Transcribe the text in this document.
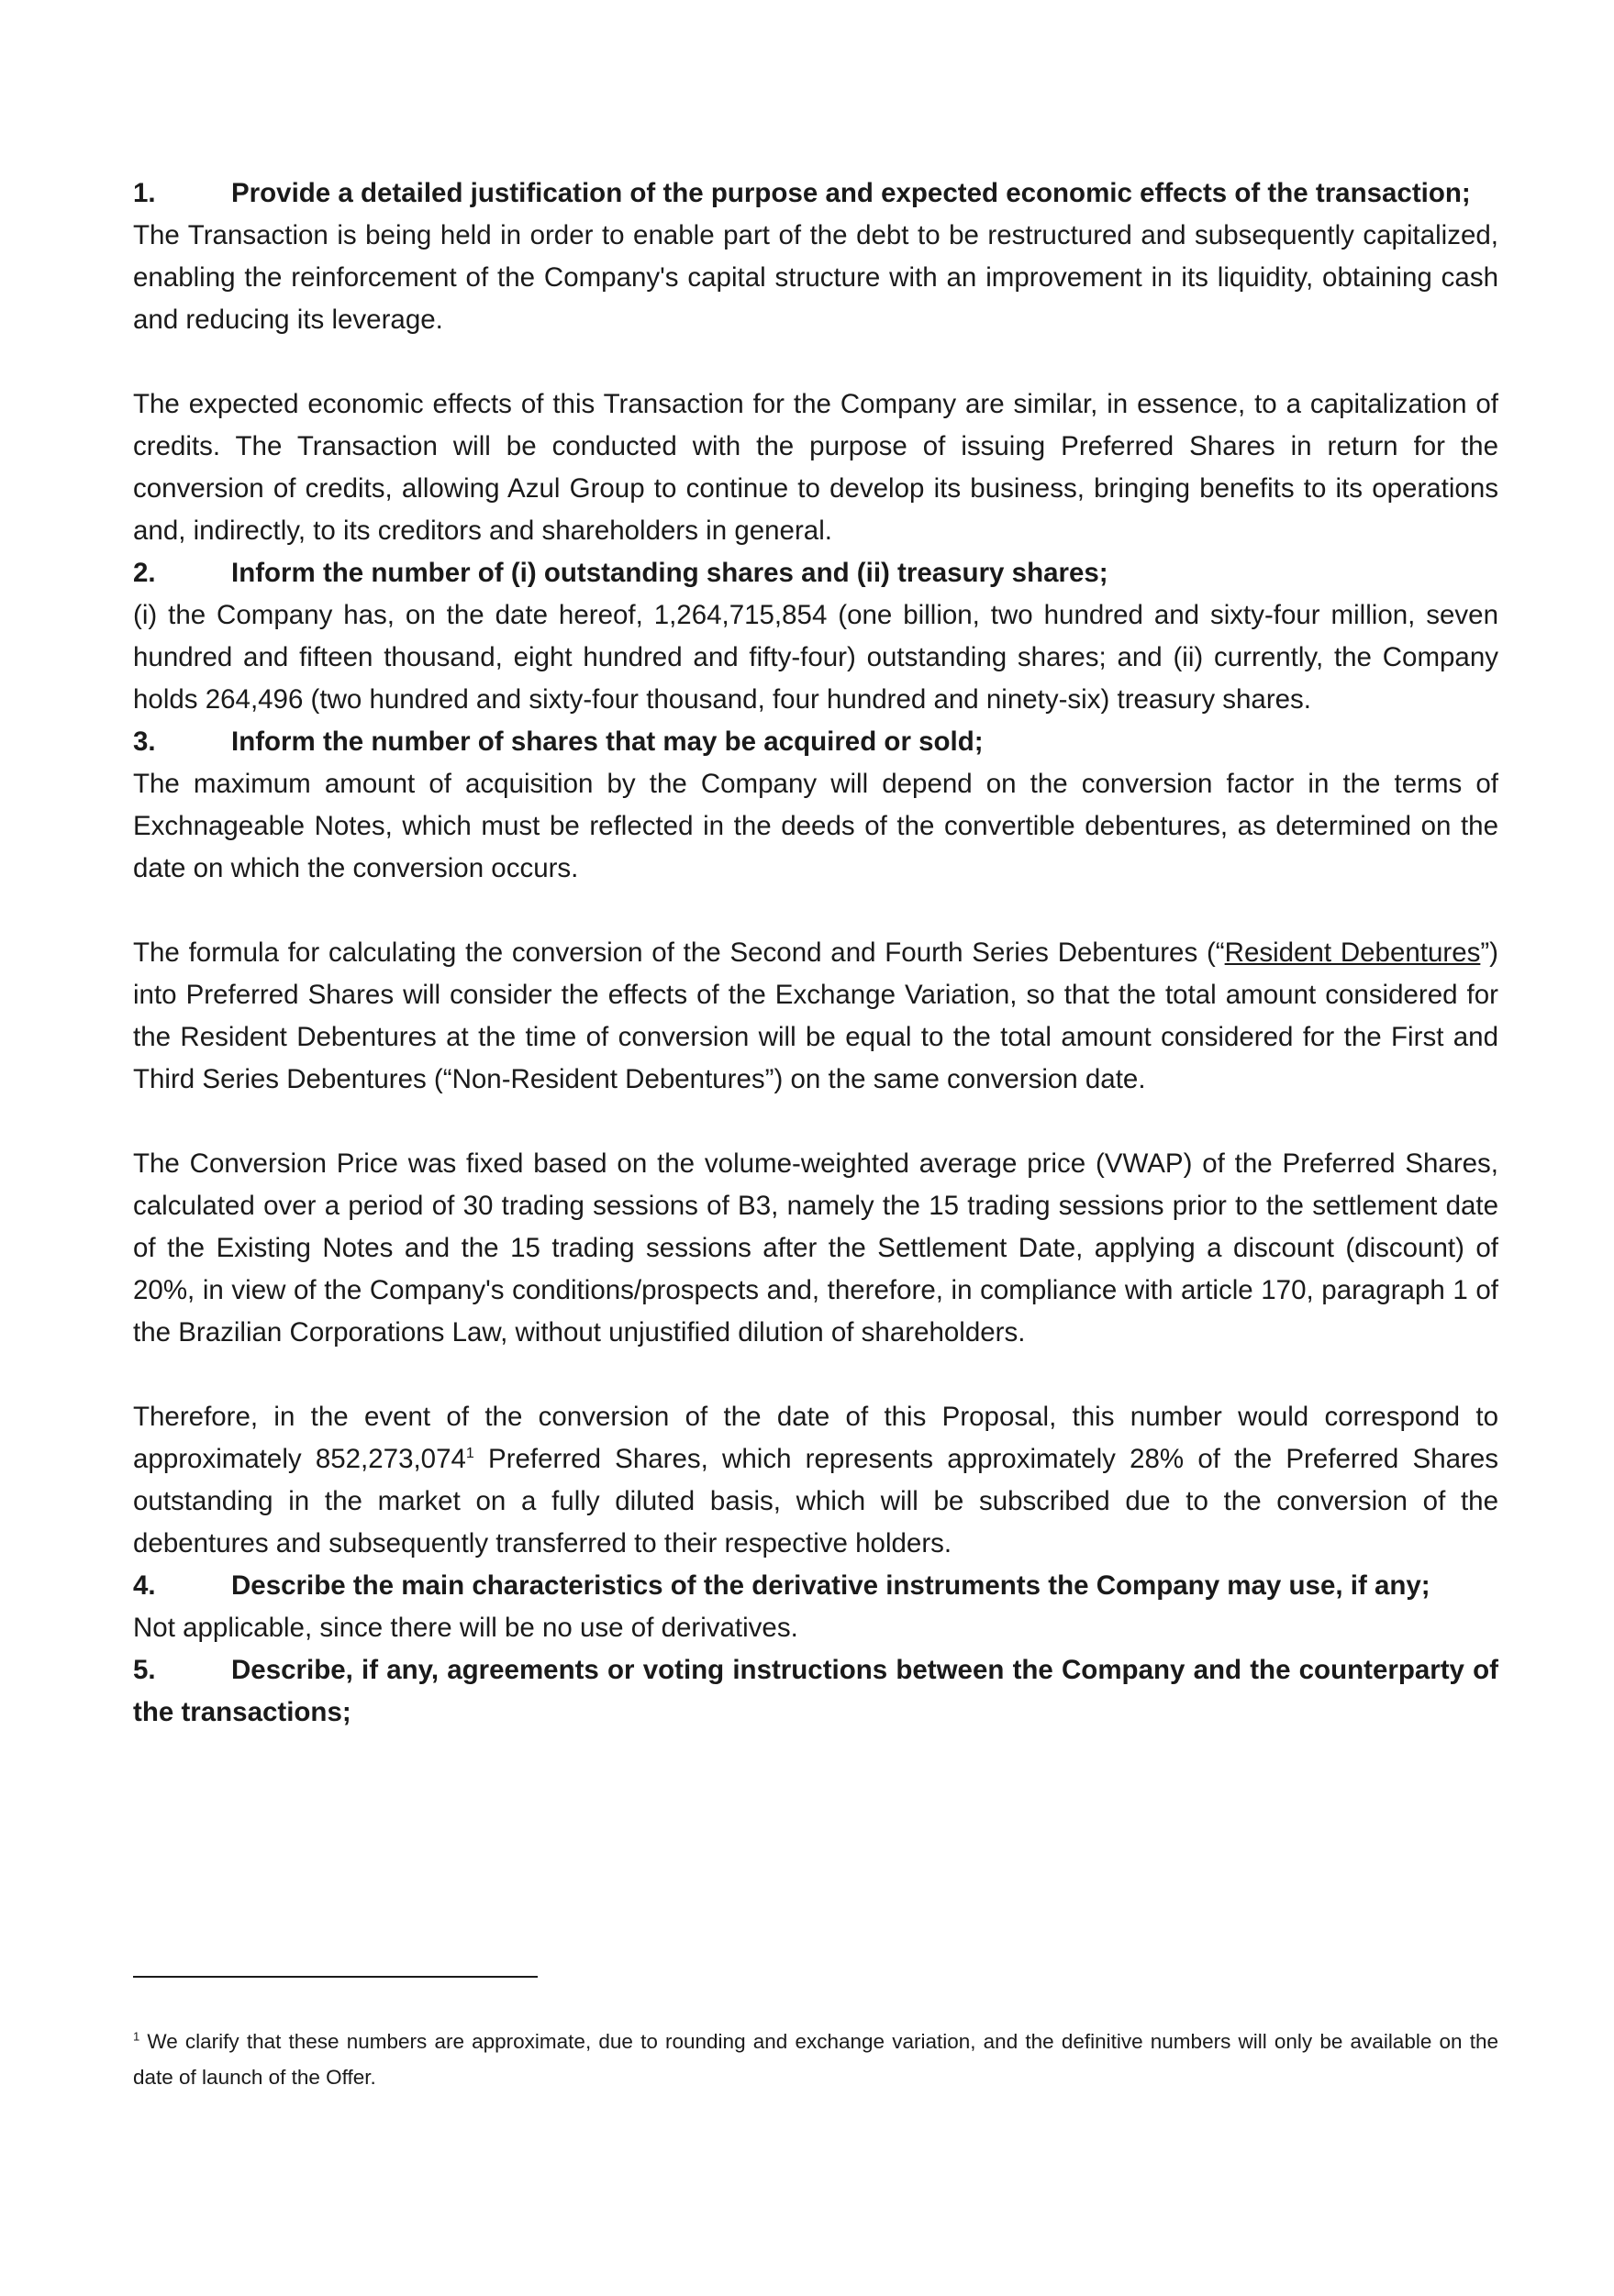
1.	Provide a detailed justification of the purpose and expected economic effects of the transaction;

The Transaction is being held in order to enable part of the debt to be restructured and subsequently capitalized, enabling the reinforcement of the Company's capital structure with an improvement in its liquidity, obtaining cash and reducing its leverage.

The expected economic effects of this Transaction for the Company are similar, in essence, to a capitalization of credits. The Transaction will be conducted with the purpose of issuing Preferred Shares in return for the conversion of credits, allowing Azul Group to continue to develop its business, bringing benefits to its operations and, indirectly, to its creditors and shareholders in general.

2.	Inform the number of (i) outstanding shares and (ii) treasury shares;

(i) the Company has, on the date hereof, 1,264,715,854 (one billion, two hundred and sixty-four million, seven hundred and fifteen thousand, eight hundred and fifty-four) outstanding shares; and (ii) currently, the Company holds 264,496 (two hundred and sixty-four thousand, four hundred and ninety-six) treasury shares.

3.	Inform the number of shares that may be acquired or sold;

The maximum amount of acquisition by the Company will depend on the conversion factor in the terms of Exchnageable Notes, which must be reflected in the deeds of the convertible debentures, as determined on the date on which the conversion occurs.

The formula for calculating the conversion of the Second and Fourth Series Debentures (“Resident Debentures”) into Preferred Shares will consider the effects of the Exchange Variation, so that the total amount considered for the Resident Debentures at the time of conversion will be equal to the total amount considered for the First and Third Series Debentures (“Non-Resident Debentures”) on the same conversion date.

The Conversion Price was fixed based on the volume-weighted average price (VWAP) of the Preferred Shares, calculated over a period of 30 trading sessions of B3, namely the 15 trading sessions prior to the settlement date of the Existing Notes and the 15 trading sessions after the Settlement Date, applying a discount (discount) of 20%, in view of the Company's conditions/prospects and, therefore, in compliance with article 170, paragraph 1 of the Brazilian Corporations Law, without unjustified dilution of shareholders.

Therefore, in the event of the conversion of the date of this Proposal, this number would correspond to approximately 852,273,074$^1$ Preferred Shares, which represents approximately 28% of the Preferred Shares outstanding in the market on a fully diluted basis, which will be subscribed due to the conversion of the debentures and subsequently transferred to their respective holders.

4.	Describe the main characteristics of the derivative instruments the Company may use, if any;

Not applicable, since there will be no use of derivatives.

5.	Describe, if any, agreements or voting instructions between the Company and the counterparty of the transactions;

$^1$ We clarify that these numbers are approximate, due to rounding and exchange variation, and the definitive numbers will only be available on the date of launch of the Offer.
